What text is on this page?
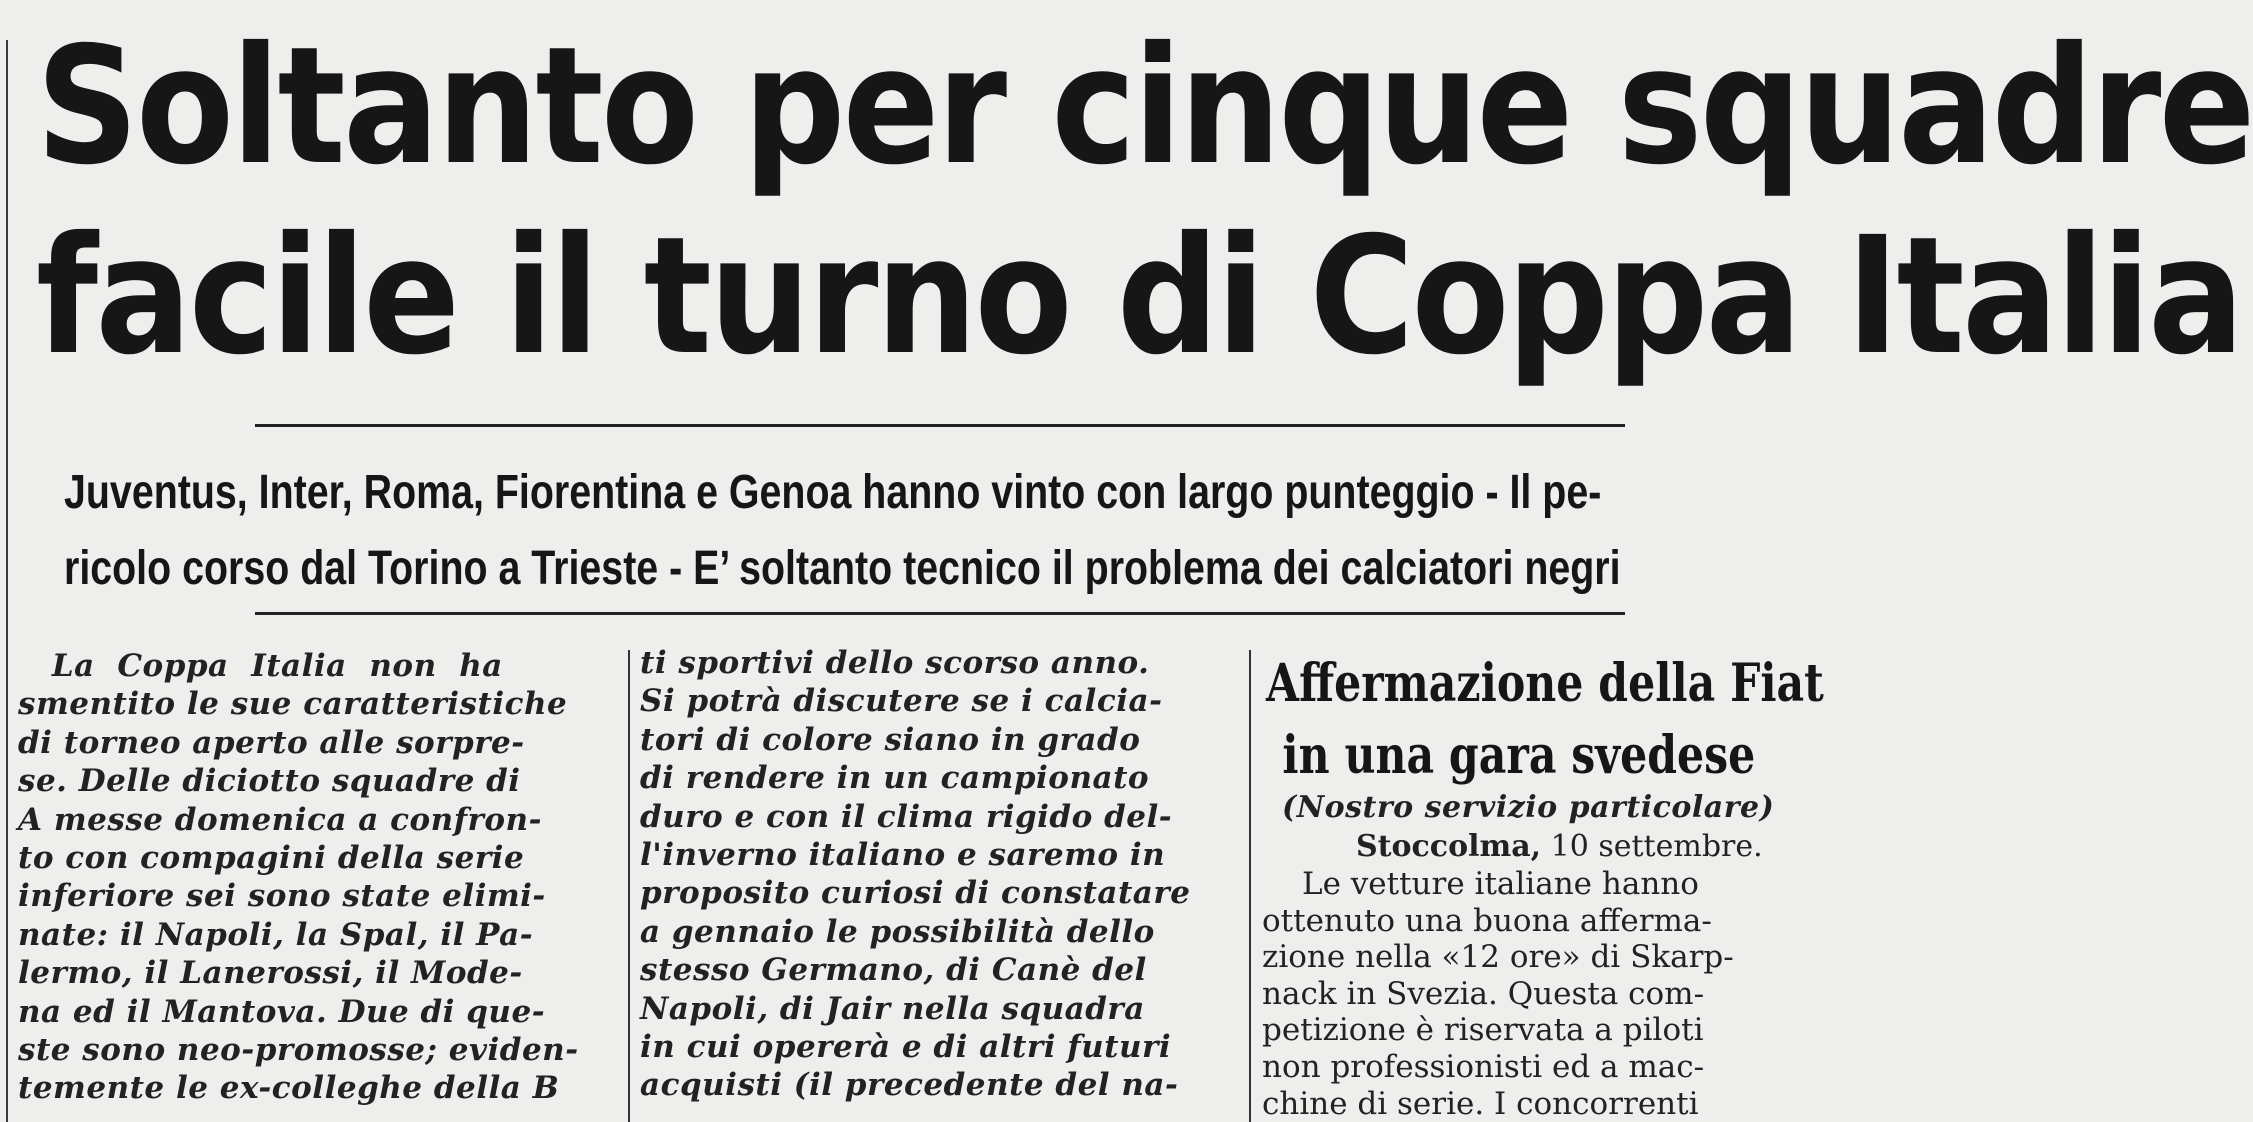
Soltanto per cinque squadre
facile il turno di Coppa Italia
Juventus, Inter, Roma, Fiorentina e Genoa hanno vinto con largo punteggio - Il pe-
ricolo corso dal Torino a Trieste - E’ soltanto tecnico il problema dei calciatori negri
La  Coppa  Italia  non  ha
smentito le sue caratteristiche
di torneo aperto alle sorpre-
se. Delle diciotto squadre di
A messe domenica a confron-
to con compagini della serie
inferiore sei sono state elimi-
nate: il Napoli, la Spal, il Pa-
lermo, il Lanerossi, il Mode-
na ed il Mantova. Due di que-
ste sono neo-promosse; eviden-
temente le ex-colleghe della B
ti sportivi dello scorso anno.
Si potrà discutere se i calcia-
tori di colore siano in grado
di rendere in un campionato
duro e con il clima rigido del-
l'inverno italiano e saremo in
proposito curiosi di constatare
a gennaio le possibilità dello
stesso Germano, di Canè del
Napoli, di Jair nella squadra
in cui opererà e di altri futuri
acquisti (il precedente del na-
Affermazione della Fiat
in una gara svedese
(Nostro servizio particolare)
Stoccolma, 10 settembre.
Le vetture italiane hanno
ottenuto una buona afferma-
zione nella «12 ore» di Skarp-
nack in Svezia. Questa com-
petizione è riservata a piloti
non professionisti ed a mac-
chine di serie. I concorrenti
